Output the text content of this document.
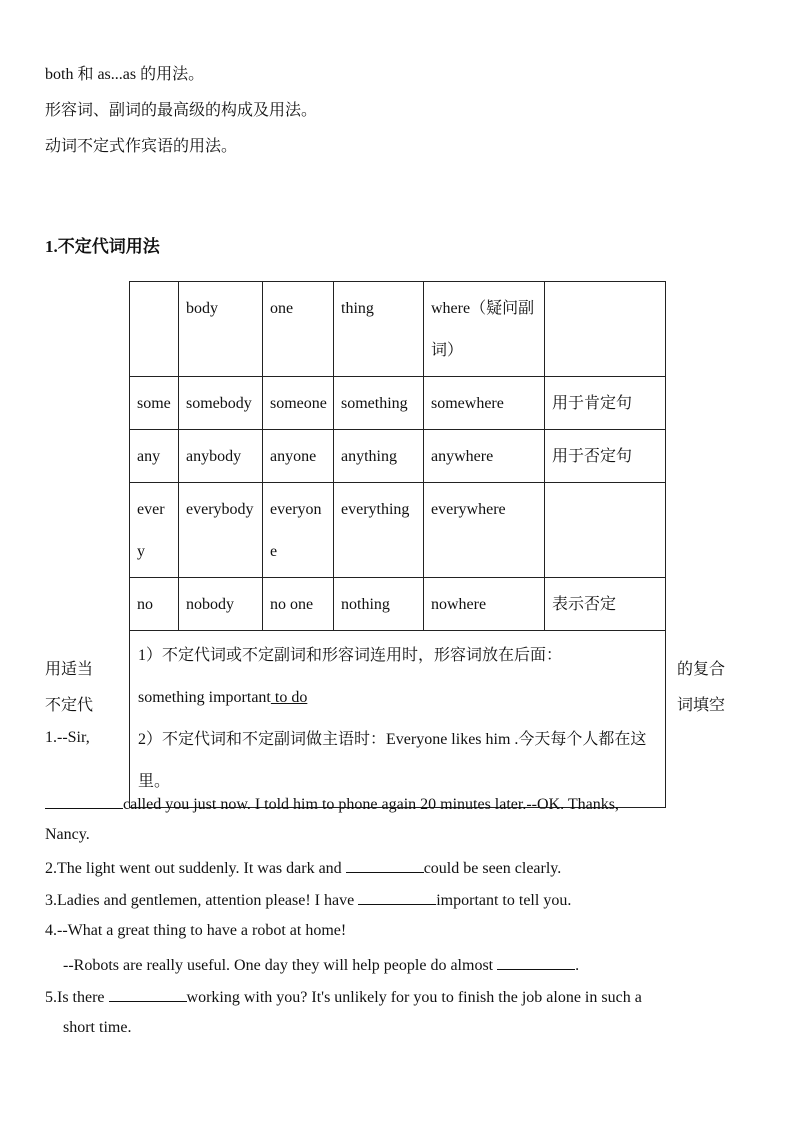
both 和 as...as 的用法。
形容词、副词的最高级的构成及用法。
动词不定式作宾语的用法。
1.不定代词用法
	body	one	thing	where（疑问副词）	
some	somebody	someone	something	somewhere	用于肯定句
any	anybody	anyone	anything	anywhere	用于否定句
every	everybody	everyone	everything	everywhere	
no	nobody	no one	nothing	nowhere	表示否定

1）不定代词或不定副词和形容词连用时，形容词放在后面：
something important to do
2）不定代词和不定副词做主语时：Everyone likes him .今天每个人都在这里。					
用适当
不定代
1.--Sir,
的复合
词填空
called you just now. I told him to phone again 20 minutes later.--OK. Thanks,
Nancy.
2.The light went out suddenly. It was dark and	could be seen clearly.
3.Ladies and gentlemen, attention please! I have	important to tell you.
4.--What a great thing to have a robot at home!
--Robots are really useful. One day they will help people do almost	.
5.Is there	working with you? It's unlikely for you to finish the job alone in such a
short time.
